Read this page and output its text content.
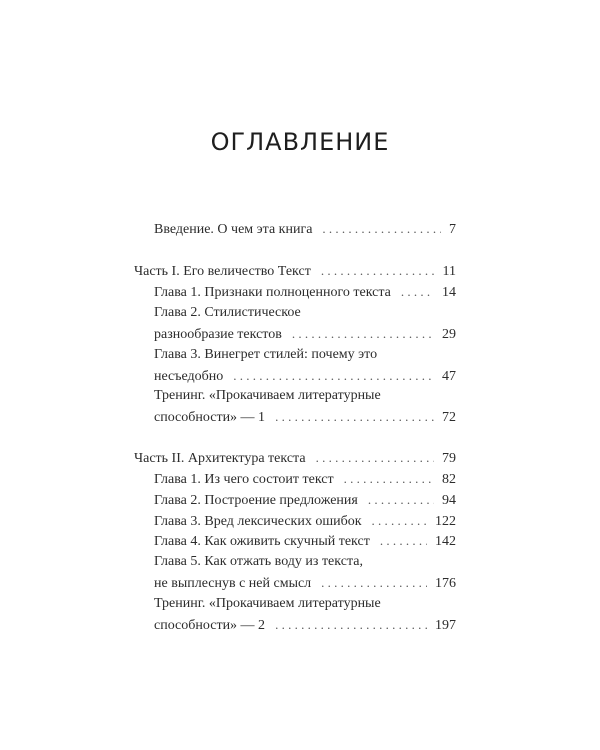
ОГЛАВЛЕНИЕ
Введение. О чем эта книга . . .	7
Часть I. Его величество Текст . . .	11
Глава 1. Признаки полноценного текста . . .	14
Глава 2. Стилистическое
разнообразие текстов . . .	29
Глава 3. Винегрет стилей: почему это
несъедобно . . .	47
Тренинг. «Прокачиваем литературные
способности» — 1 . . .	72
Часть II. Архитектура текста . . .	79
Глава 1. Из чего состоит текст . . .	82
Глава 2. Построение предложения . . .	94
Глава 3. Вред лексических ошибок . . .	122
Глава 4. Как оживить скучный текст . . .	142
Глава 5. Как отжать воду из текста,
не выплеснув с ней смысл . . .	176
Тренинг. «Прокачиваем литературные
способности» — 2 . . .	197
